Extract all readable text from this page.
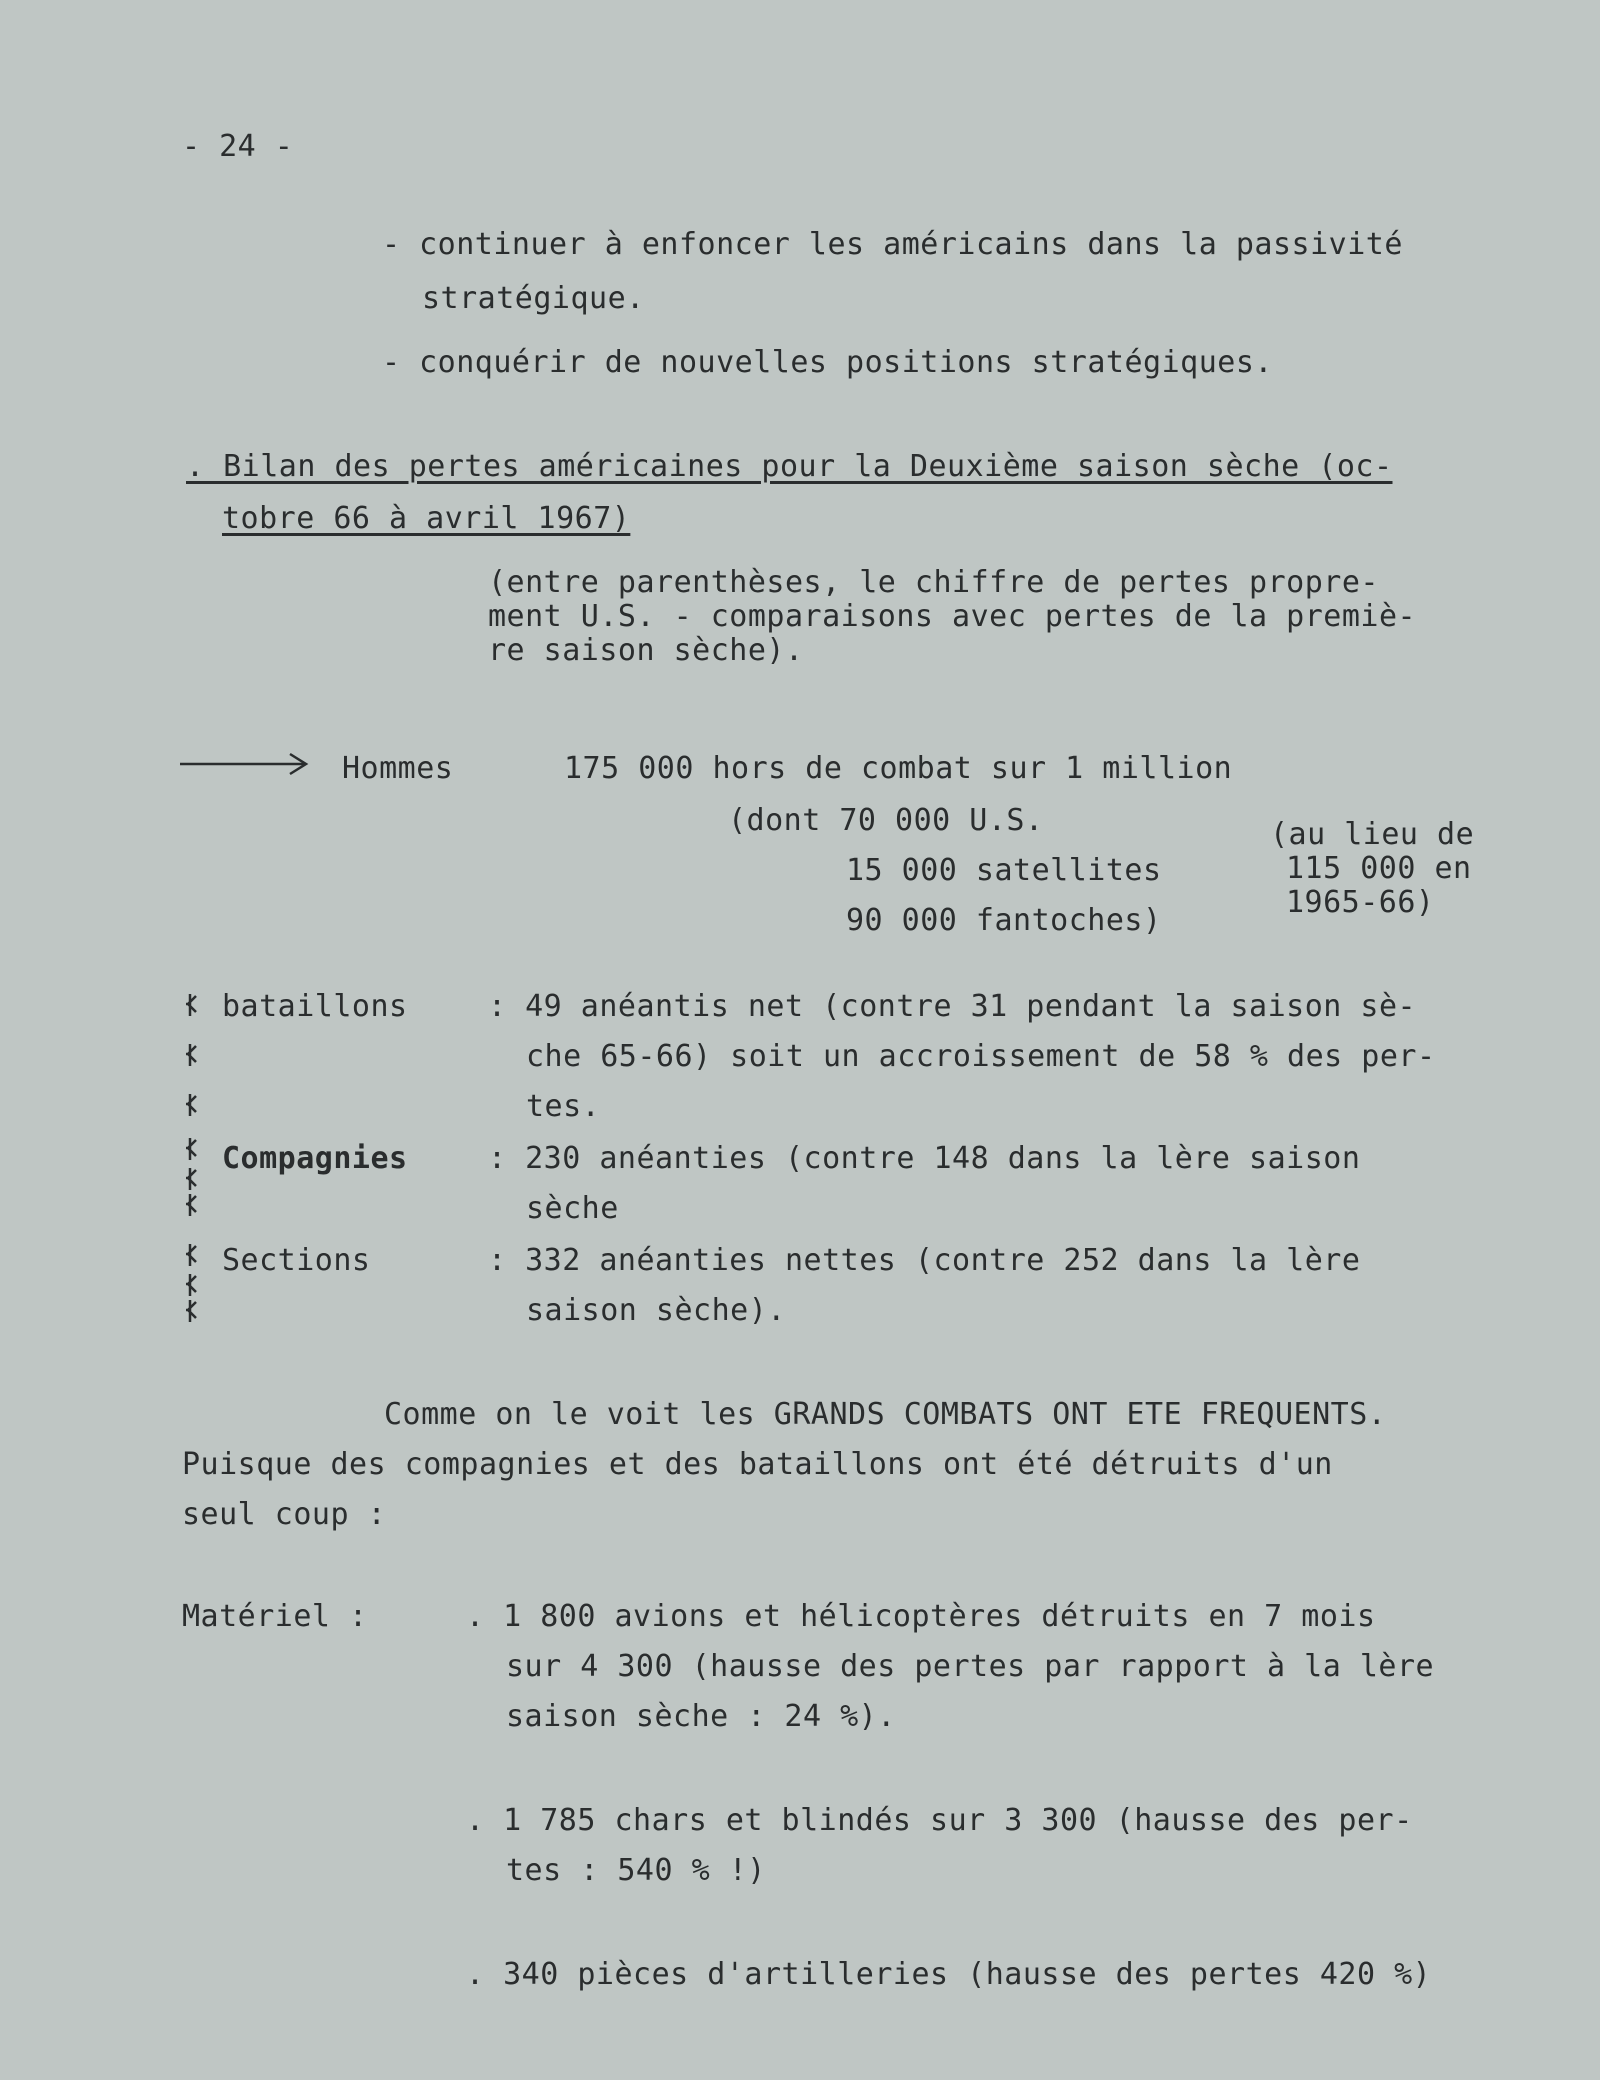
- 24 -
- continuer à enfoncer les américains dans la passivité
stratégique.
- conquérir de nouvelles positions stratégiques.
. Bilan des pertes américaines pour la Deuxième saison sèche (oc-
tobre 66 à avril 1967)
(entre parenthèses, le chiffre de pertes propre-
ment U.S. - comparaisons avec pertes de la premiè-
re saison sèche).
Hommes	175 000 hors de combat sur 1 million
(dont 70 000 U.S.
15 000 satellites
90 000 fantoches)
(au lieu de
115 000 en
1965-66)
bataillons	: 49 anéantis net (contre 31 pendant la saison sè-
che 65-66) soit un accroissement de 58 % des per-
tes.
Compagnies	: 230 anéanties (contre 148 dans la lère saison
sèche
Sections	: 332 anéanties nettes (contre 252 dans la lère
saison sèche).
Comme on le voit les GRANDS COMBATS ONT ETE FREQUENTS.
Puisque des compagnies et des bataillons ont été détruits d'un
seul coup :
Matériel :	. 1 800 avions et hélicoptères détruits en 7 mois
sur 4 300 (hausse des pertes par rapport à la lère
saison sèche : 24 %).
. 1 785 chars et blindés sur 3 300 (hausse des per-
tes : 540 % !)
. 340 pièces d'artilleries (hausse des pertes 420 %)
